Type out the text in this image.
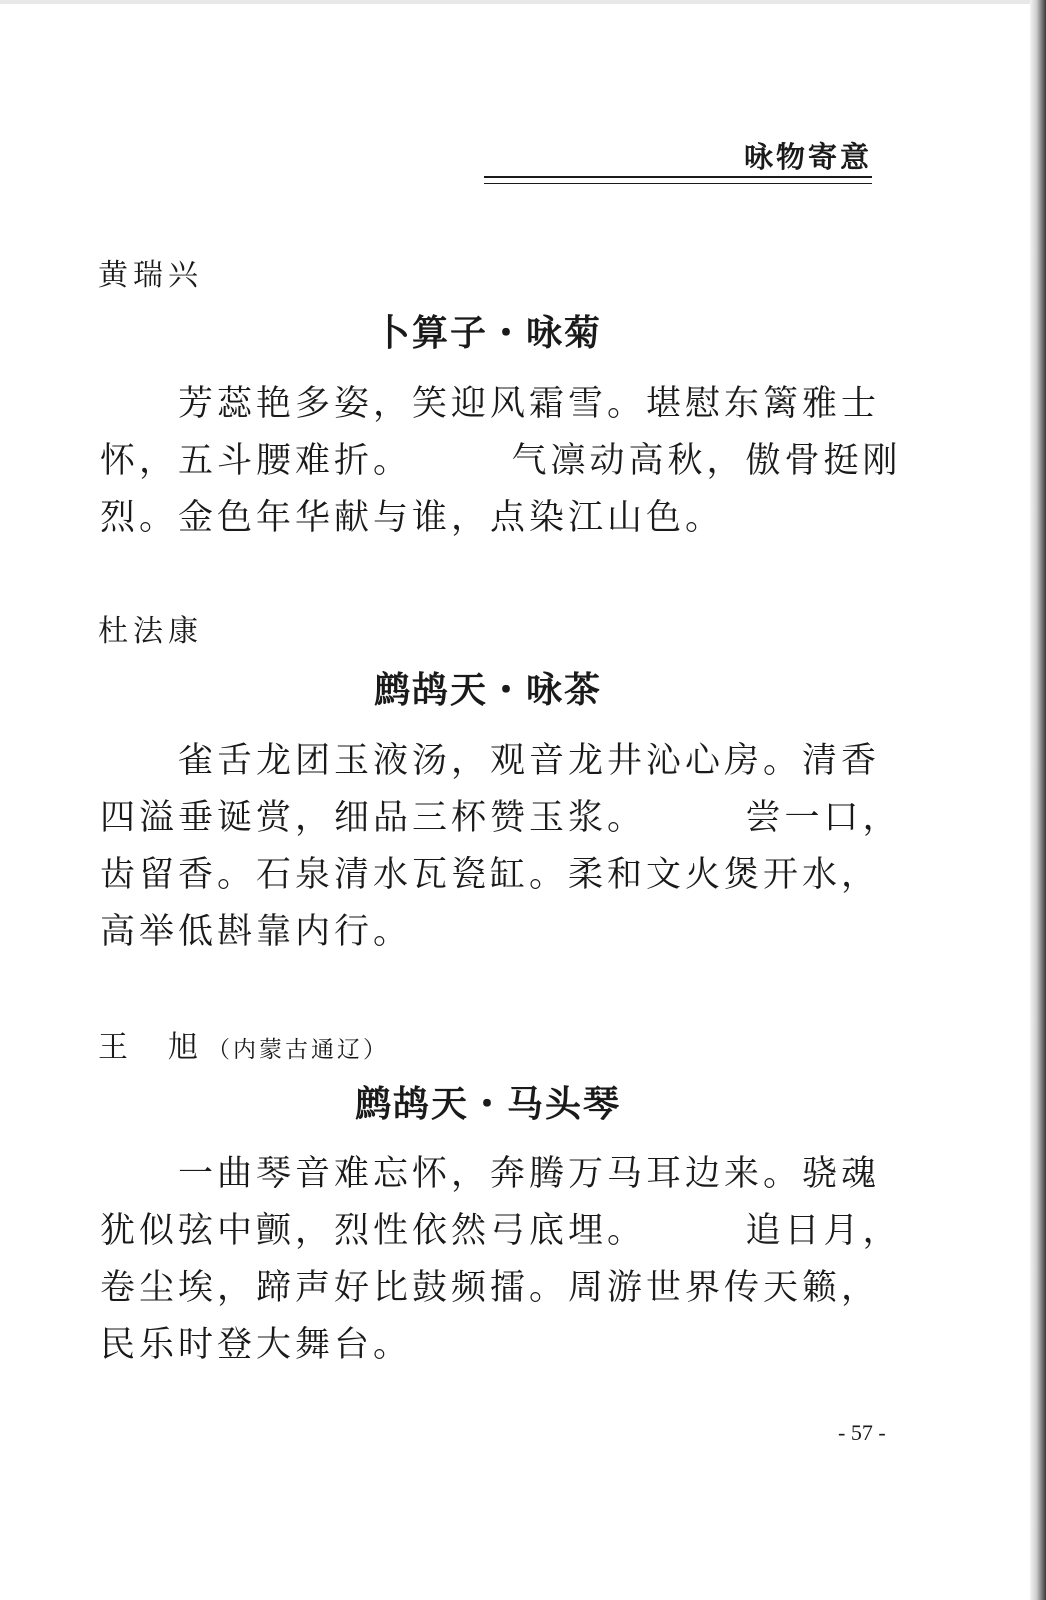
咏物寄意
黄瑞兴
卜算子・咏菊
　　芳蕊艳多姿，笑迎风霜雪。堪慰东篱雅士
怀，五斗腰难折。　　　气凛动高秋，傲骨挺刚
烈。金色年华献与谁，点染江山色。
杜法康
鹧鸪天・咏茶
　　雀舌龙团玉液汤，观音龙井沁心房。清香
四溢垂诞赏，细品三杯赞玉浆。　　　尝一口，
齿留香。石泉清水瓦瓷缸。柔和文火煲开水，
高举低斟靠内行。
王　旭 （内蒙古通辽）
鹧鸪天・马头琴
　　一曲琴音难忘怀，奔腾万马耳边来。骁魂
犹似弦中颤，烈性依然弓底埋。　　　追日月，
卷尘埃，蹄声好比鼓频擂。周游世界传天籁，
民乐时登大舞台。
- 57 -
